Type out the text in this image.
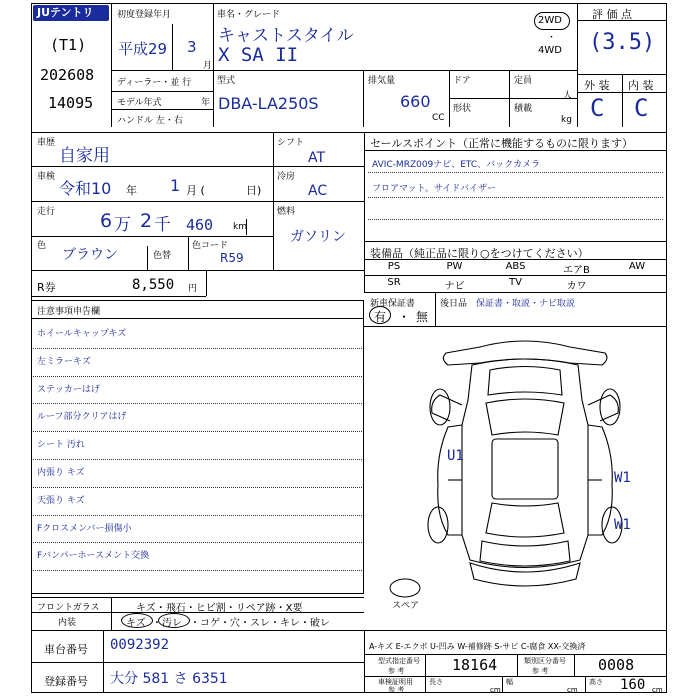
JUテントリ
(T1)
202608
14095
初度登録年月
平成29 3
月
車名・グレード
キャストスタイル
X SA II
2WD
・
4WD
評 価 点
(3.5)
外 装 内 装
C C
ディーラー・並 行
モデル年式	年
ハンドル 左・右
型式
DBA-LA250S
排気量
660
CC
ドア	定員
人
形状	積載
kg
車歴
自家用
車検
令和10 年 1 月 (	日)
走行 6 万 2 千 460 km
色
ブラウン	色替
色コード
R59
シフト
AT
冷房
AC
燃料
ガソリン
セールスポイント（正常に機能するものに限ります）
AVIC-MRZ009ナビ、ETC、バックカメラ
フロアマット、サイドバイザー
装備品（純正品に限り○をつけてください）
PS	PW	ABS	エアB	AW
SR	ナビ	TV	カワ
R券	8,550 円
新車保証書	後日品 保証書・取説・ナビ取説
有 ・ 無
注意事項申告欄
ホイールキャップキズ
左ミラーキズ
ステッカーはげ
ルーフ部分クリアはげ
シート 汚れ
内張り キズ
天張り キズ
Fクロスメンバー損傷小
Fバンパーホースメント交換
U1
W1
W1
スペア
フロントガラス	キズ・飛石・ヒビ割・リペア跡・X要
内装	キズ ・ 汚レ ・コゲ・穴・スレ・キレ・破レ
車台番号 0092392
登録番号 大分 581 さ 6351
A-キズ E-エクボ U-凹み W-補修跡 S-サビ C-腐食 XX-交換済
型式指定番号
参 考	18164	類別区分番号
参 考	0008
車検証明用
参 考
長さ
cm
幅
cm
高さ 160 cm
